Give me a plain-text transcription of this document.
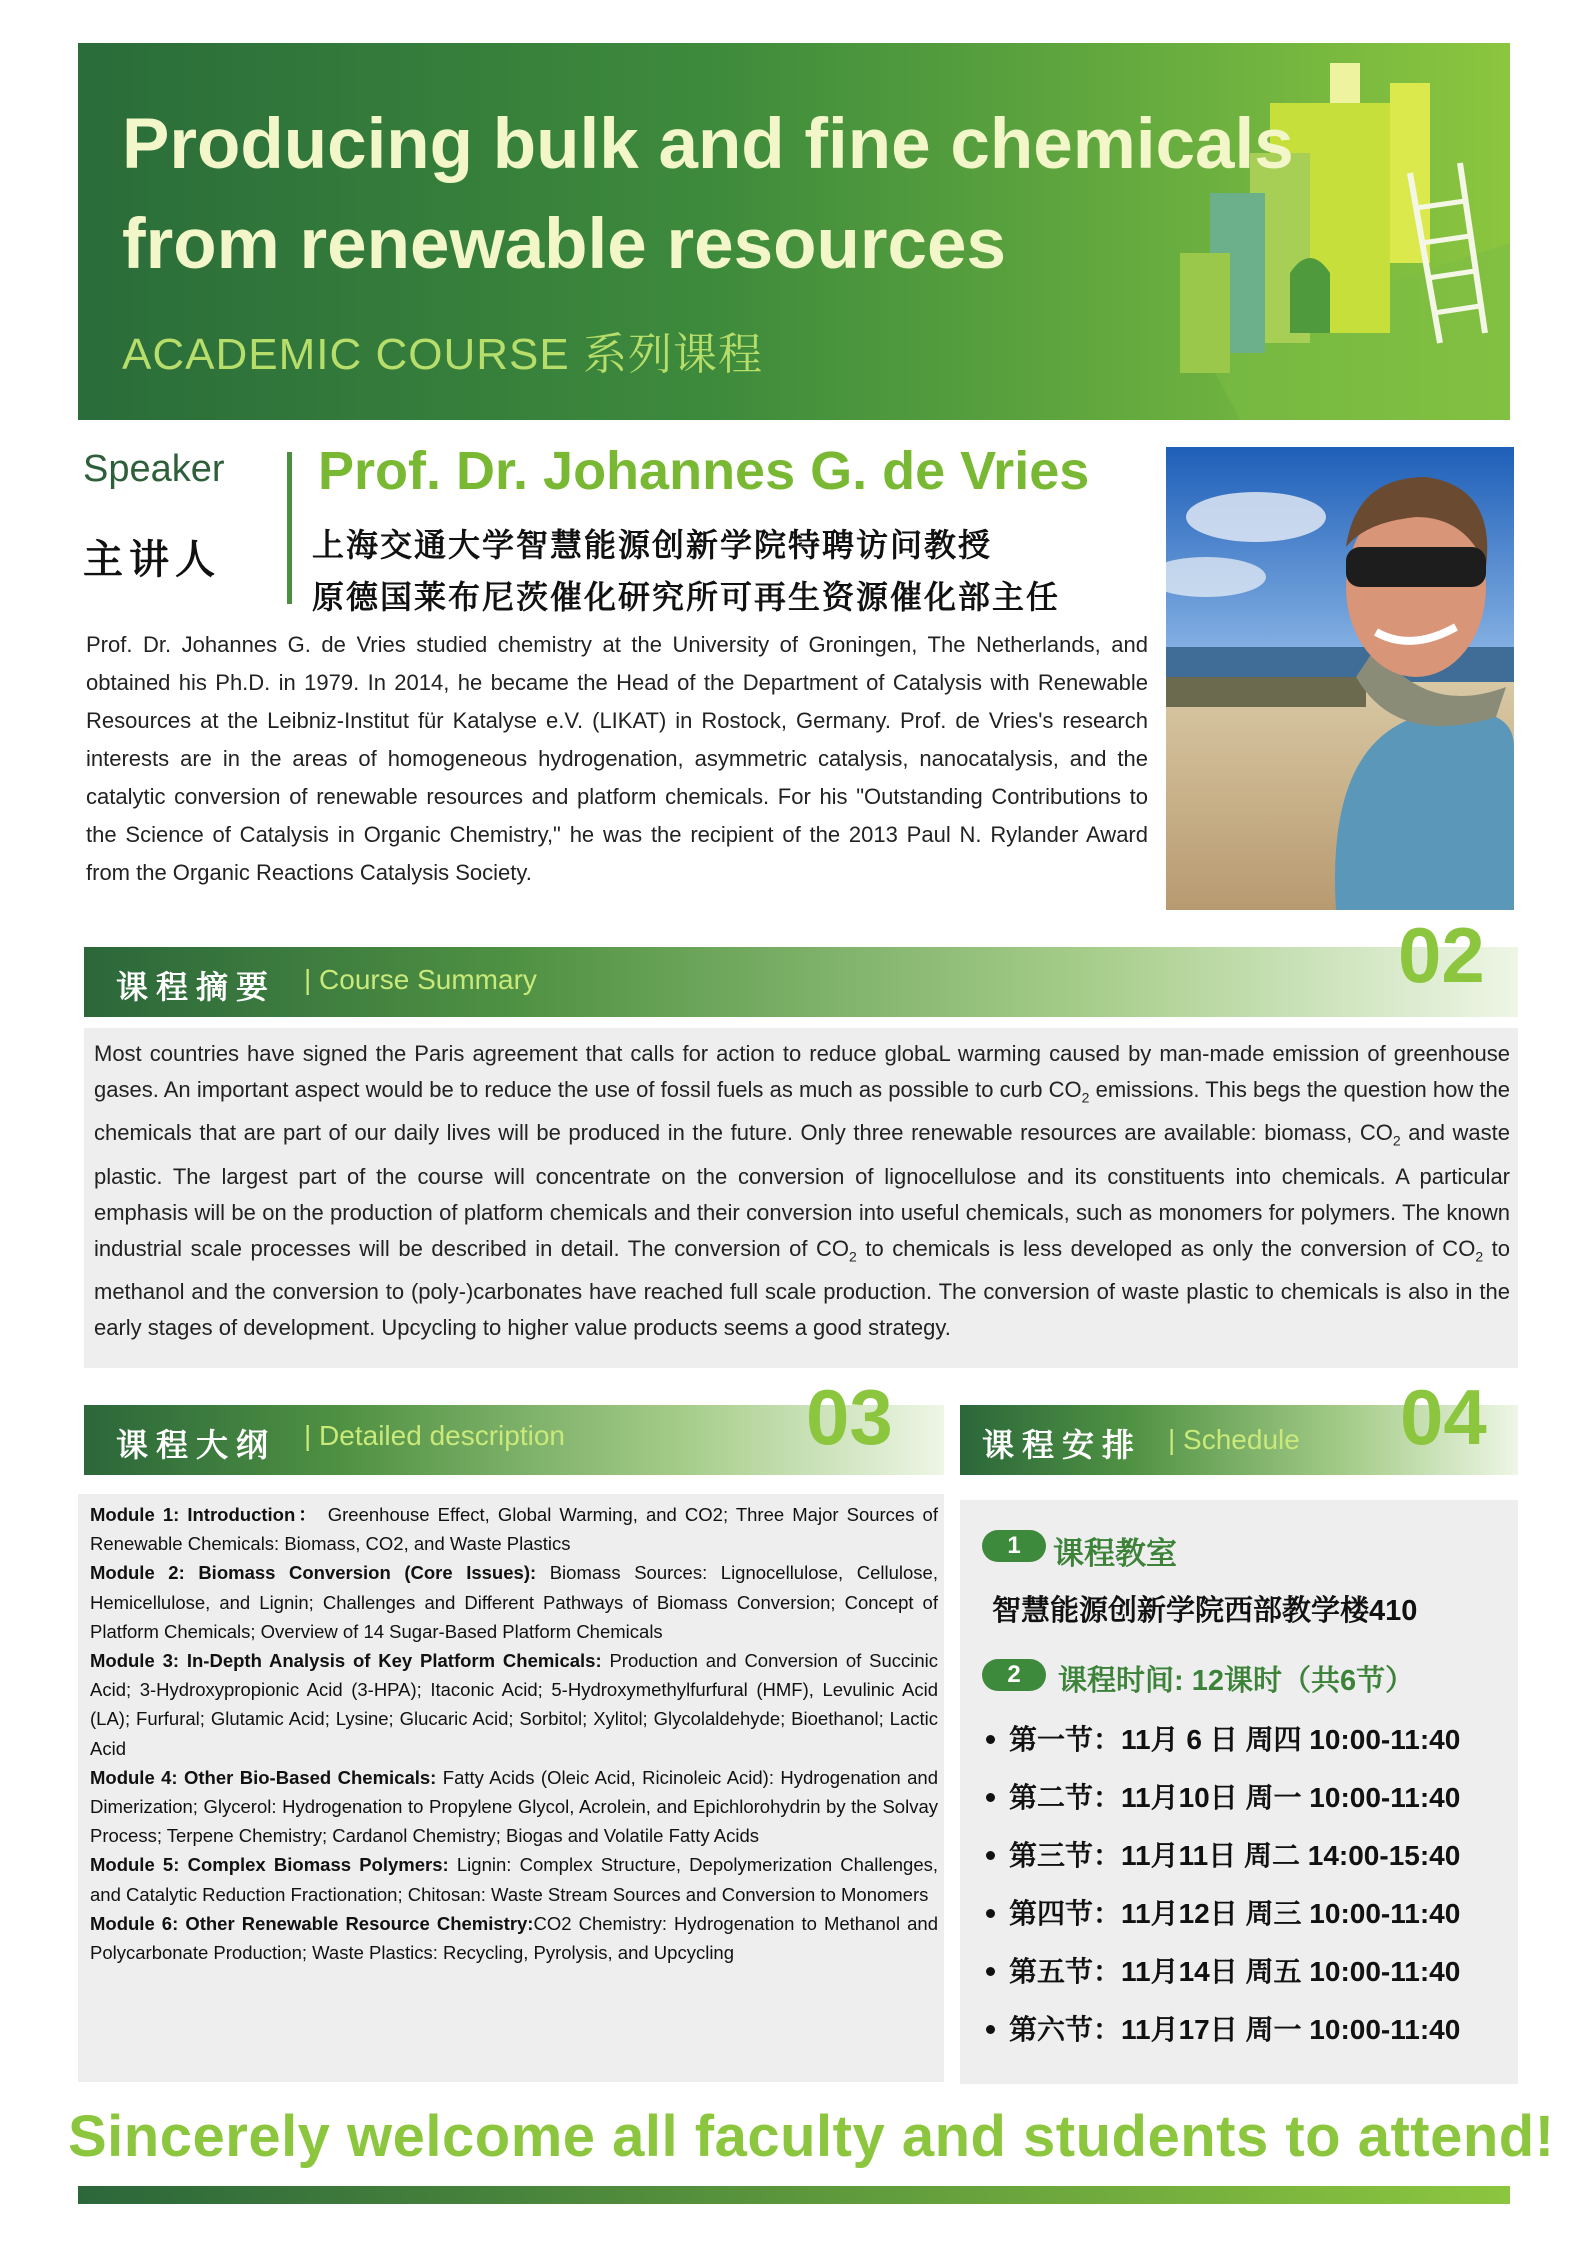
Producing bulk and fine chemicals from renewable resources
ACADEMIC COURSE 系列课程
Speaker
主讲人
Prof. Dr. Johannes G. de Vries
上海交通大学智慧能源创新学院特聘访问教授
原德国莱布尼茨催化研究所可再生资源催化部主任

Prof. Dr. Johannes G. de Vries studied chemistry at the University of Groningen, The Netherlands, and obtained his Ph.D. in 1979. In 2014, he became the Head of the Department of Catalysis with Renewable Resources at the Leibniz-Institut für Katalyse e.V. (LIKAT) in Rostock, Germany. Prof. de Vries's research interests are in the areas of homogeneous hydrogenation, asymmetric catalysis, nanocatalysis, and the catalytic conversion of renewable resources and platform chemicals. For his "Outstanding Contributions to the Science of Catalysis in Organic Chemistry," he was the recipient of the 2013 Paul N. Rylander Award from the Organic Reactions Catalysis Society.

课程摘要 | Course Summary	02

Most countries have signed the Paris agreement that calls for action to reduce globaL warming caused by man-made emission of greenhouse gases. An important aspect would be to reduce the use of fossil fuels as much as possible to curb $CO_2$ emissions. This begs the question how the chemicals that are part of our daily lives will be produced in the future. Only three renewable resources are available: biomass, $CO_2$ and waste plastic. The largest part of the course will concentrate on the conversion of lignocellulose and its constituents into chemicals. A particular emphasis will be on the production of platform chemicals and their conversion into useful chemicals, such as monomers for polymers. The known industrial scale processes will be described in detail. The conversion of $CO_2$ to chemicals is less developed as only the conversion of $CO_2$ to methanol and the conversion to (poly-)carbonates have reached full scale production. The conversion of waste plastic to chemicals is also in the early stages of development. Upcycling to higher value products seems a good strategy.

课程大纲 | Detailed description	03

Module 1: Introduction： Greenhouse Effect, Global Warming, and CO2; Three Major Sources of Renewable Chemicals: Biomass, CO2, and Waste Plastics

Module 2: Biomass Conversion (Core Issues): Biomass Sources: Lignocellulose, Cellulose, Hemicellulose, and Lignin; Challenges and Different Pathways of Biomass Conversion; Concept of Platform Chemicals; Overview of 14 Sugar-Based Platform Chemicals

Module 3: In-Depth Analysis of Key Platform Chemicals: Production and Conversion of Succinic Acid; 3-Hydroxypropionic Acid (3-HPA); Itaconic Acid; 5-Hydroxymethylfurfural (HMF), Levulinic Acid (LA); Furfural; Glutamic Acid; Lysine; Glucaric Acid; Sorbitol; Xylitol; Glycolaldehyde; Bioethanol; Lactic Acid

Module 4: Other Bio-Based Chemicals: Fatty Acids (Oleic Acid, Ricinoleic Acid): Hydrogenation and Dimerization; Glycerol: Hydrogenation to Propylene Glycol, Acrolein, and Epichlorohydrin by the Solvay Process; Terpene Chemistry; Cardanol Chemistry; Biogas and Volatile Fatty Acids

Module 5: Complex Biomass Polymers: Lignin: Complex Structure, Depolymerization Challenges, and Catalytic Reduction Fractionation; Chitosan: Waste Stream Sources and Conversion to Monomers

Module 6: Other Renewable Resource Chemistry:CO2 Chemistry: Hydrogenation to Methanol and Polycarbonate Production; Waste Plastics: Recycling, Pyrolysis, and Upcycling

课程安排 | Schedule 04
1	课程教室
智慧能源创新学院西部教学楼410
2	课程时间: 12课时（共6节）
第一节：11月 6 日 周四 10:00-11:40
第二节：11月10日 周一 10:00-11:40
第三节：11月11日 周二 14:00-15:40
第四节：11月12日 周三 10:00-11:40
第五节：11月14日 周五 10:00-11:40
第六节：11月17日 周一 10:00-11:40
Sincerely welcome all faculty and students to attend!
